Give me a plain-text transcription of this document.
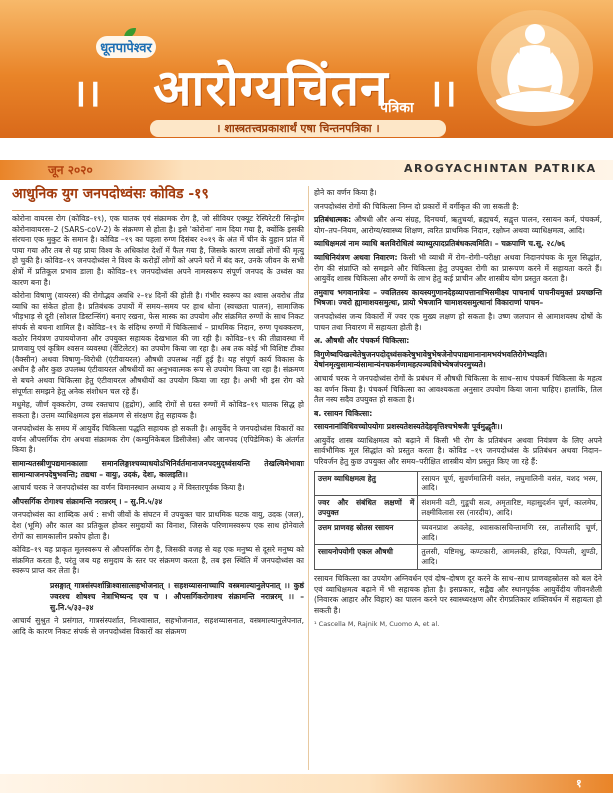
धूतपापेश्वर
।।	आरोग्यचिंतन	।।
पत्रिका
। शास्त्रतत्त्वप्रकाशार्थं एषा चिन्तनपत्रिका ।
जून २०२०	AROGYACHINTAN PATRIKA
आधुनिक युग जनपदोध्वंसः कोविड -१९

कोरोना वायरस रोग (कोविड–१९), एक घातक एवं संक्रामक रोग है, जो सीवियर एक्यूट रेस्पिरेटरी सिन्ड्रोम कोरोनावायरस–2 (SARS-coV-2) के संक्रमण से होता है। इसे 'कोरोना' नाम दिया गया है, क्योंकि इसकी संरचना एक मुकुट के समान है। कोविड –१९ का पहला रुग्ण दिसंबर २०१९ के अंत में चीन के वुहान प्रांत में पाया गया और तब से यह प्रायः विश्व के अधिकांश देशों में फैल गया है, जिसके कारण लाखों लोगों की मृत्यु हो चुकी है। कोविड–१९ जनपदोध्वंस ने विश्व के करोड़ों लोगों को अपने घरों में बंद कर, उनके जीवन के सभी क्षेत्रों में प्रतिकूल प्रभाव डाला है। कोविड–१९ जनपदोध्वंस अपने नामस्वरूप संपूर्ण जनपद के उध्वंस का कारण बना है।

कोरोना विषाणु (वायरस) की रोगोद्भव अवधि २–१४ दिनों की होती है। गंभीर स्वरूप का श्वास अवरोध तीव्र व्याधि का संकेत होता है। प्रतिबंधक उपायों में समय–समय पर हाथ धोना (स्वच्छता पालन), सामाजिक भीड़भाड़ से दूरी (सोशल डिस्टन्सिंग) बनाए रखना, फेस मास्क का उपयोग और संक्रमित रुग्णों के साथ निकट संपर्क से बचना शामिल है। कोविड–१९ के संदिग्ध रुग्णों में चिकित्सार्थ – प्राथमिक निदान, रुग्ण पृथक्करण, कठोर नियंत्रण उपाययोजना और उपयुक्त सहायक देखभाल की जा रही है। कोविड–१९ की तीव्रावस्था में प्राणवायु एवं कृत्रिम श्वसन व्यवस्था (वेंटिलेटर) का उपयोग किया जा रहा है। अब तक कोई भी विशिष्ट टीका (वैक्सीन) अथवा विषाणु–विरोधी (एंटीवायरल) औषधी उपलब्ध नहीं हुई है। यह संपूर्ण कार्य विकास के अधीन है और कुछ उपलब्ध एंटीवायरल औषधीयों का अनुभवात्मक रूप से उपयोग किया जा रहा है। संक्रमण से बचने अथवा चिकित्सा हेतु एंटीवायरल औषधीयों का उपयोग किया जा रहा है। अभी भी इस रोग को संपूर्णतः समझने हेतु अनेक संशोधन चल रहे हैं।

मधुमेह, जीर्ण वृक्करोग, उच्च रक्तचाप (हृद्रोग), आदि रोगों से ग्रस्त रुग्णों में कोविड–१९ घातक सिद्ध हो सकता है। उत्तम व्याधिक्षमत्व इस संक्रमण से संरक्षण हेतु सहायक है।

जनपदोध्वंस के समय में आयुर्वेद चिकित्सा पद्धति सहायक हो सकती है। आयुर्वेद ने जनपदोध्वंस विकारों का वर्णन औपसर्गिक रोग अथवा संक्रामक रोग (कम्युनिकेबल डिसीजेस) और जानपद (एपिडेमिक) के अंतर्गत किया है।

सामान्यतस्त्रीणुपद्यमानकालाः समानलिङ्गाश्चव्याधयोऽभिनिर्वर्तमानाजनपदमुद्ध्वंसयन्ति तेखल्विमेभावाः सामान्याजनपदेषुभवन्ति; तद्यथा – वायुः, उदकं, देशः, कालइति।।

आचार्य चरक ने जनपदोध्वंस का वर्णन विमानस्थान अध्याय ३ में विस्तारपूर्वक किया है।

औपसर्गिक रोगाश्च संक्रामन्ति नरान्नरम् । – सु.नि.५/३४

जनपदोध्वंस का शाब्दिक अर्थ : सभी जीवों के संघटन में उपयुक्त चार प्राथमिक घटक वायु, उदक (जल), देश (भूमि) और काल का प्रतिकूल होकर समुदायों का विनाश, जिसके परिणामस्वरूप एक साथ होनेवाले रोगों का सामकालीन प्रकोप होता है।

कोविड–१९ यह प्राकृत मूलस्वरूप से औपसर्गिक रोग है, जिसकी वजह से यह एक मनुष्य से दूसरे मनुष्य को संक्रमित करता है, परंतु जब यह समुदाय के स्तर पर संक्रमण करता है, तब इस स्थिति में जनपदोध्वंस का स्वरूप प्राप्त कर लेता है।

प्रसङ्गात् गात्रसंस्पर्शान्निःश्वासात्सहभोजनात् । सहशय्यासनाच्चापि वस्त्रमाल्यानुलेपनात् ।। कुष्ठं ज्वरश्च शोषश्च नेत्राभिष्यन्द एव च । औपसर्गिकरोगाश्च संक्रामन्ति नरान्नरम् ।। – सु.नि.५/३३–३४

आचार्य सुश्रुत ने प्रसंगात, गात्रसंस्पर्शात, निःश्वासात, सहभोजनात, सहशय्यासनात, वस्त्रमाल्यानुलेपनात, आदि के कारण निकट संपर्क से जनपदोध्वंस विकारों का संक्रमण

होने का वर्णन किया है।

जनपदोध्वंस रोगों की चिकित्सा निम्न दो प्रकारों में वर्गीकृत की जा सकती है:

प्रतिबंधात्मक: औषधी और अन्य संग्रह, दिनचर्या, ऋतुचर्या, ब्रह्मचर्य, सद्वृत्त पालन, रसायन कर्म, पंचकर्म, योग–तप–नियम, आरोग्य/स्वास्थ्य शिक्षण, त्वरित प्राथमिक निदान, रक्षोघ्न अथवा व्याधिक्षमत्व, आदि।

व्याधिक्षमत्वं नाम व्याधि बलविरोधित्वं व्याध्युत्पादप्रतिबंधकत्वमिति। – चक्रपाणि च.सू. २८/७६

व्याधिनियंत्रण अथवा निवारण: किसी भी व्याधी में रोग–रोगी–परीक्षा अथवा निदानपंचक के मूल सिद्धांत, रोग की संप्राप्ति को समझने और चिकित्सा हेतु उपयुक्त रोगी का प्रारूपण करने में सहायता करते हैं। आयुर्वेद शास्त्र चिकित्सा और रुग्णों के लाभ हेतु कई प्राचीन और शास्त्रीय योग प्रस्तुत करता है।

तमुवाच भगवानात्रेयः – ज्वलितस्य कायस्यगुणानदेहव्यापत्तानाभिसमीक्ष्य पाचनार्थ पाचनीयमुक्तं प्रयच्छन्ति भिषजः। ज्वरो ह्यामाशयसमुत्थः, प्रायो भेषजानि चामाशयसमुत्थानां विकाराणां पाचन–

जनपदोध्वंस जन्य विकारों में ज्वर एक मुख्य लक्षण हो सकता है। उष्ण जलपान से आमाशयस्थ दोषों के पाचन तथा निवारण में सहायता होती है।

अ. औषधी और पंचकर्म चिकित्सा:

विगुणेष्वपिखल्वेतेषुजनपदोद्ध्वंसकरेषुभावेषुभेषजेनोपपाद्यमानानामभयंभवतिरोगेभ्यइति। येषांनमृत्युसामान्यंसामान्यंनचकर्मणामहत्पञ्चविधेभ्येषजंपरमुच्यते।

आचार्य चरक ने जनपदोध्वंस रोगों के प्रबंधन में औषधी चिकित्सा के साथ–साथ पंचकर्म चिकित्सा के महत्व का वर्णन किया है। पंचकर्म चिकित्सा का आवश्यकता अनुसार उपयोग किया जाना चाहिए। हालांकि, तिल तैल नस्य सदैव उपयुक्त हो सकता है।

ब. रसायन चिकित्सा:

रसायनानांविधिवच्चोपयोगः प्रशस्यतेशस्यतेदेहवृत्तिश्चभेषजैः पूर्वमुद्धृतैः।।

आयुर्वेद शास्त्र व्याधिक्षमत्व को बढ़ाने में किसी भी रोग के प्रतिबंधन अथवा नियंत्रण के लिए अपने सार्वभौमिक मूल सिद्धांत को प्रस्तुत करता है। कोविड –१९ जनपदोध्वंस के प्रतिबंधन अथवा निदान–परिवर्जन हेतु कुछ उपयुक्त और समय–परीक्षित शास्त्रीय योग प्रस्तुत किए जा रहे हैं:

उत्तम व्याधिक्षमत्व हेतु	रसायन चूर्ण, सुवर्णमालिनी वसंत, लघुमालिनी वसंत, यशद भस्म, आदि।
ज्वर और संबंधित लक्षणों में उपयुक्त	संशमनी वटी, गुडूची सत्व, अमृतारिष्ट, महासुदर्शन चूर्ण, कालमेघ, लक्ष्मीविलास रस (नारदीय), आदि।
उत्तम प्राणवह स्रोतस रसायन	च्यवनप्राश अवलेह, श्वासकासचिन्तामणि रस, तालीसादि चूर्ण, आदि।
रसायनोपयोगी एकल औषधी	तुलसी, यष्टिमधु, कण्टकारी, आमलकी, हरिद्रा, पिप्पली, शुण्ठी, आदि।

रसायन चिकित्सा का उपयोग अग्निवर्धन एवं दोष–दोषण दूर करने के साथ–साथ प्राणवहस्रोतस को बल देने एवं व्याधिक्षमत्व बढ़ाने में भी सहायक होता है। इसप्रकार, सद्वैद्य और स्थानपूर्वक आयुर्वेदीय जीवनशैली (निवारक आहार और विहार) का पालन करने पर स्वास्थ्यरक्षण और रोगप्रतिकार शक्तिवर्धन में सहायता हो सकती है।

¹ Cascella M, Rajnik M, Cuomo A, et al.

१
